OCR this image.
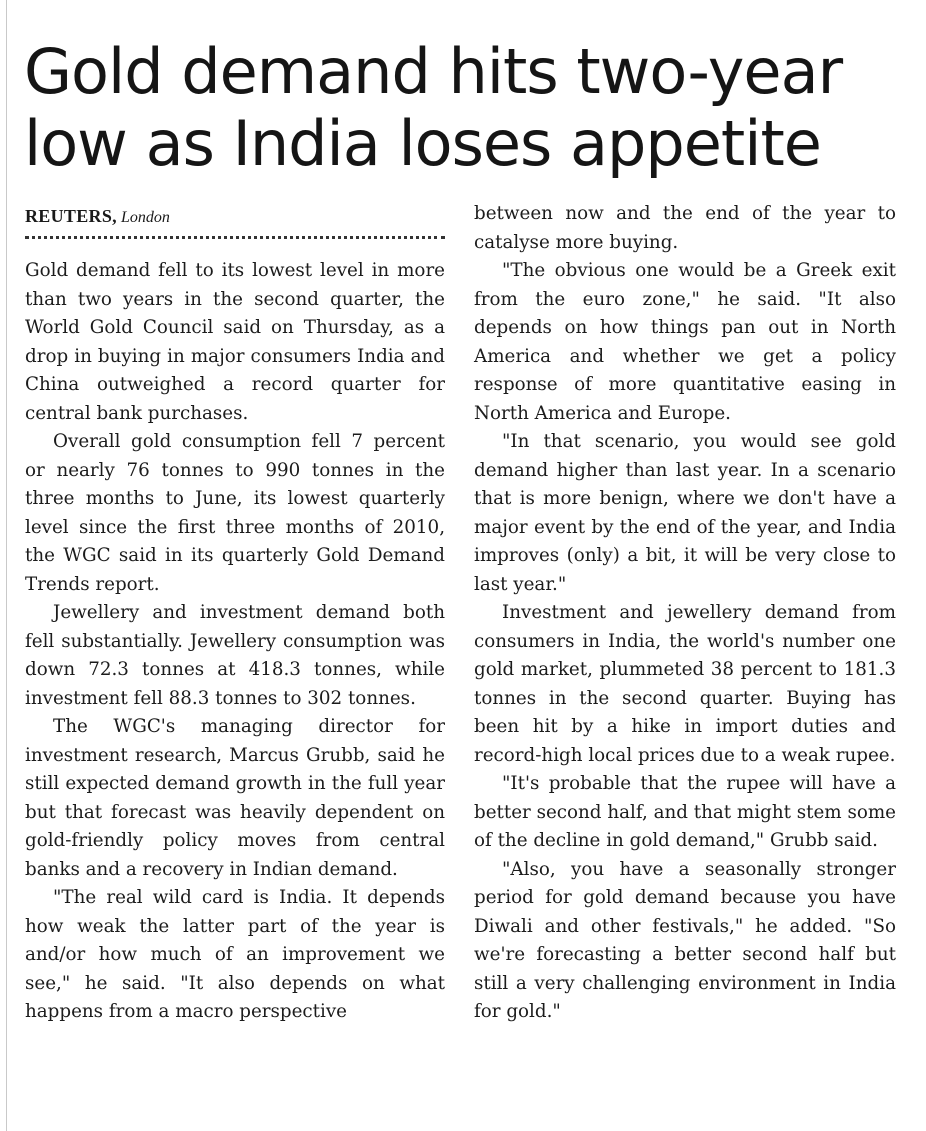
Gold demand hits two-year low as India loses appetite
REUTERS, London

Gold demand fell to its lowest level in more than two years in the second quarter, the World Gold Council said on Thursday, as a drop in buying in major consumers India and China outweighed a record quarter for central bank purchases.

Overall gold consumption fell 7 percent or nearly 76 tonnes to 990 tonnes in the three months to June, its lowest quarterly level since the first three months of 2010, the WGC said in its quarterly Gold Demand Trends report.

Jewellery and investment demand both fell substantially. Jewellery consumption was down 72.3 tonnes at 418.3 tonnes, while investment fell 88.3 tonnes to 302 tonnes.

The WGC's managing director for investment research, Marcus Grubb, said he still expected demand growth in the full year but that forecast was heavily dependent on gold-friendly policy moves from central banks and a recovery in Indian demand.

"The real wild card is India. It depends how weak the latter part of the year is and/or how much of an improvement we see," he said. "It also depends on what happens from a macro perspective

between now and the end of the year to catalyse more buying.

"The obvious one would be a Greek exit from the euro zone," he said. "It also depends on how things pan out in North America and whether we get a policy response of more quantitative easing in North America and Europe.

"In that scenario, you would see gold demand higher than last year. In a scenario that is more benign, where we don't have a major event by the end of the year, and India improves (only) a bit, it will be very close to last year."

Investment and jewellery demand from consumers in India, the world's number one gold market, plummeted 38 percent to 181.3 tonnes in the second quarter. Buying has been hit by a hike in import duties and record-high local prices due to a weak rupee.

"It's probable that the rupee will have a better second half, and that might stem some of the decline in gold demand," Grubb said.

"Also, you have a seasonally stronger period for gold demand because you have Diwali and other festivals," he added. "So we're forecasting a better second half but still a very challenging environment in India for gold."
